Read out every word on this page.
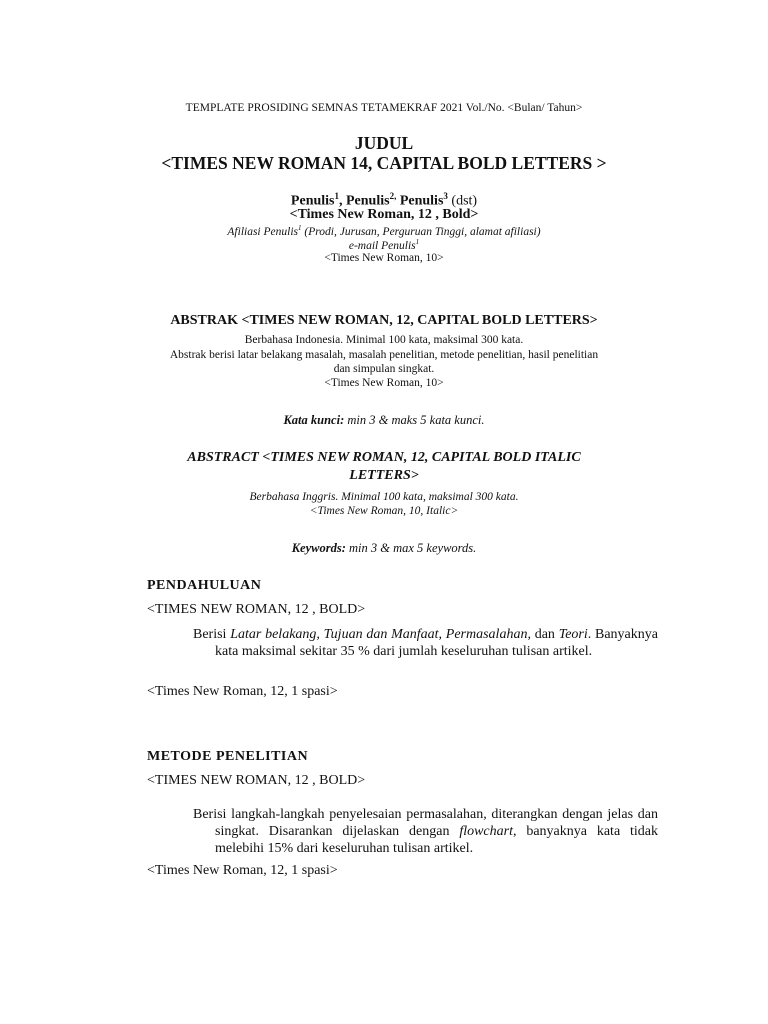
TEMPLATE PROSIDING SEMNAS TETAMEKRAF 2021 Vol./No. <Bulan/ Tahun>
JUDUL
<TIMES NEW ROMAN 14, CAPITAL BOLD LETTERS >
Penulis$^1$, Penulis$^{2,}$ Penulis$^3$ (dst)
<Times New Roman, 12 , Bold>
Afiliasi Penulis$^1$ (Prodi, Jurusan, Perguruan Tinggi, alamat afiliasi)
e-mail Penulis$^1$
<Times New Roman, 10>
ABSTRAK <TIMES NEW ROMAN, 12, CAPITAL BOLD LETTERS>
Berbahasa Indonesia. Minimal 100 kata, maksimal 300 kata.
Abstrak berisi latar belakang masalah, masalah penelitian, metode penelitian, hasil penelitian
dan simpulan singkat.
<Times New Roman, 10>
Kata kunci: min 3 & maks 5 kata kunci.
ABSTRACT <TIMES NEW ROMAN, 12, CAPITAL BOLD ITALIC
LETTERS>
Berbahasa Inggris. Minimal 100 kata, maksimal 300 kata.
<Times New Roman, 10, Italic>
Keywords: min 3 & max 5 keywords.
PENDAHULUAN
<TIMES NEW ROMAN, 12 , BOLD>
Berisi Latar belakang, Tujuan dan Manfaat, Permasalahan, dan Teori. Banyaknya kata maksimal sekitar 35 % dari jumlah keseluruhan tulisan artikel.
<Times New Roman, 12, 1 spasi>
METODE PENELITIAN
<TIMES NEW ROMAN, 12 , BOLD>
Berisi langkah-langkah penyelesaian permasalahan, diterangkan dengan jelas dan singkat. Disarankan dijelaskan dengan flowchart, banyaknya kata tidak melebihi 15% dari keseluruhan tulisan artikel.
<Times New Roman, 12, 1 spasi>
